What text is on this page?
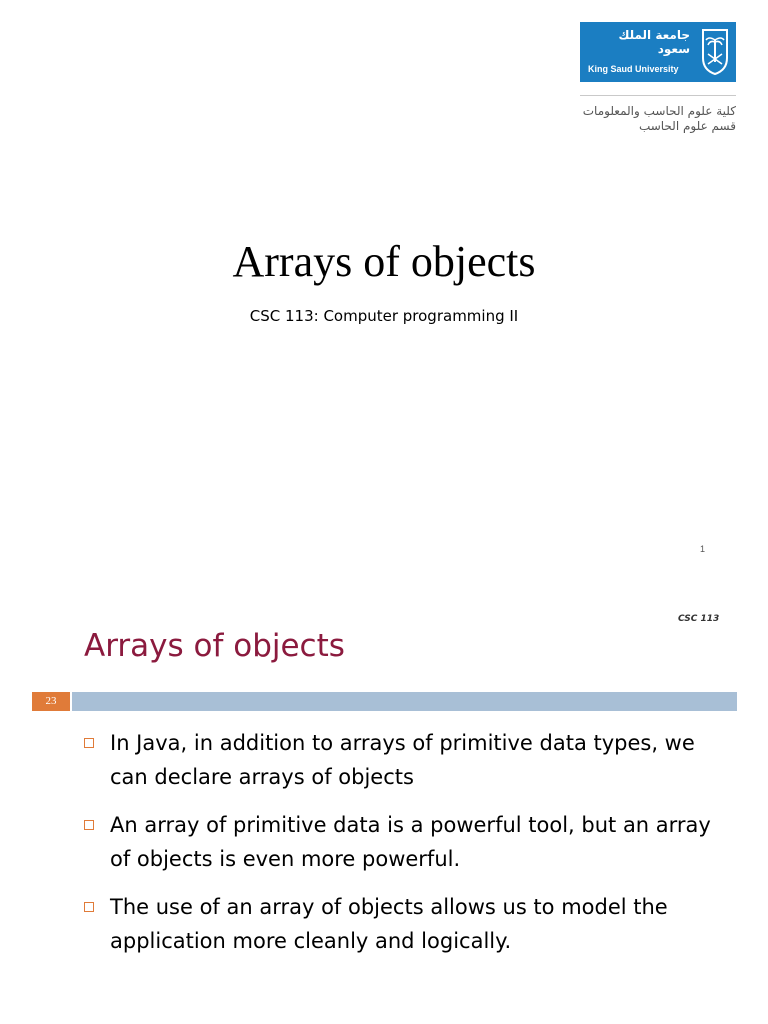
جامعة الملك سعود
King Saud University
كلية علوم الحاسب والمعلومات
قسم علوم الحاسب
Arrays of objects
CSC 113: Computer programming II
1
CSC 113
Arrays of objects
23
In Java, in addition to arrays of primitive data types, we can declare arrays of objects
An array of primitive data is a powerful tool, but an array of objects is even more powerful.
The use of an array of objects allows us to model the application more cleanly and logically.
